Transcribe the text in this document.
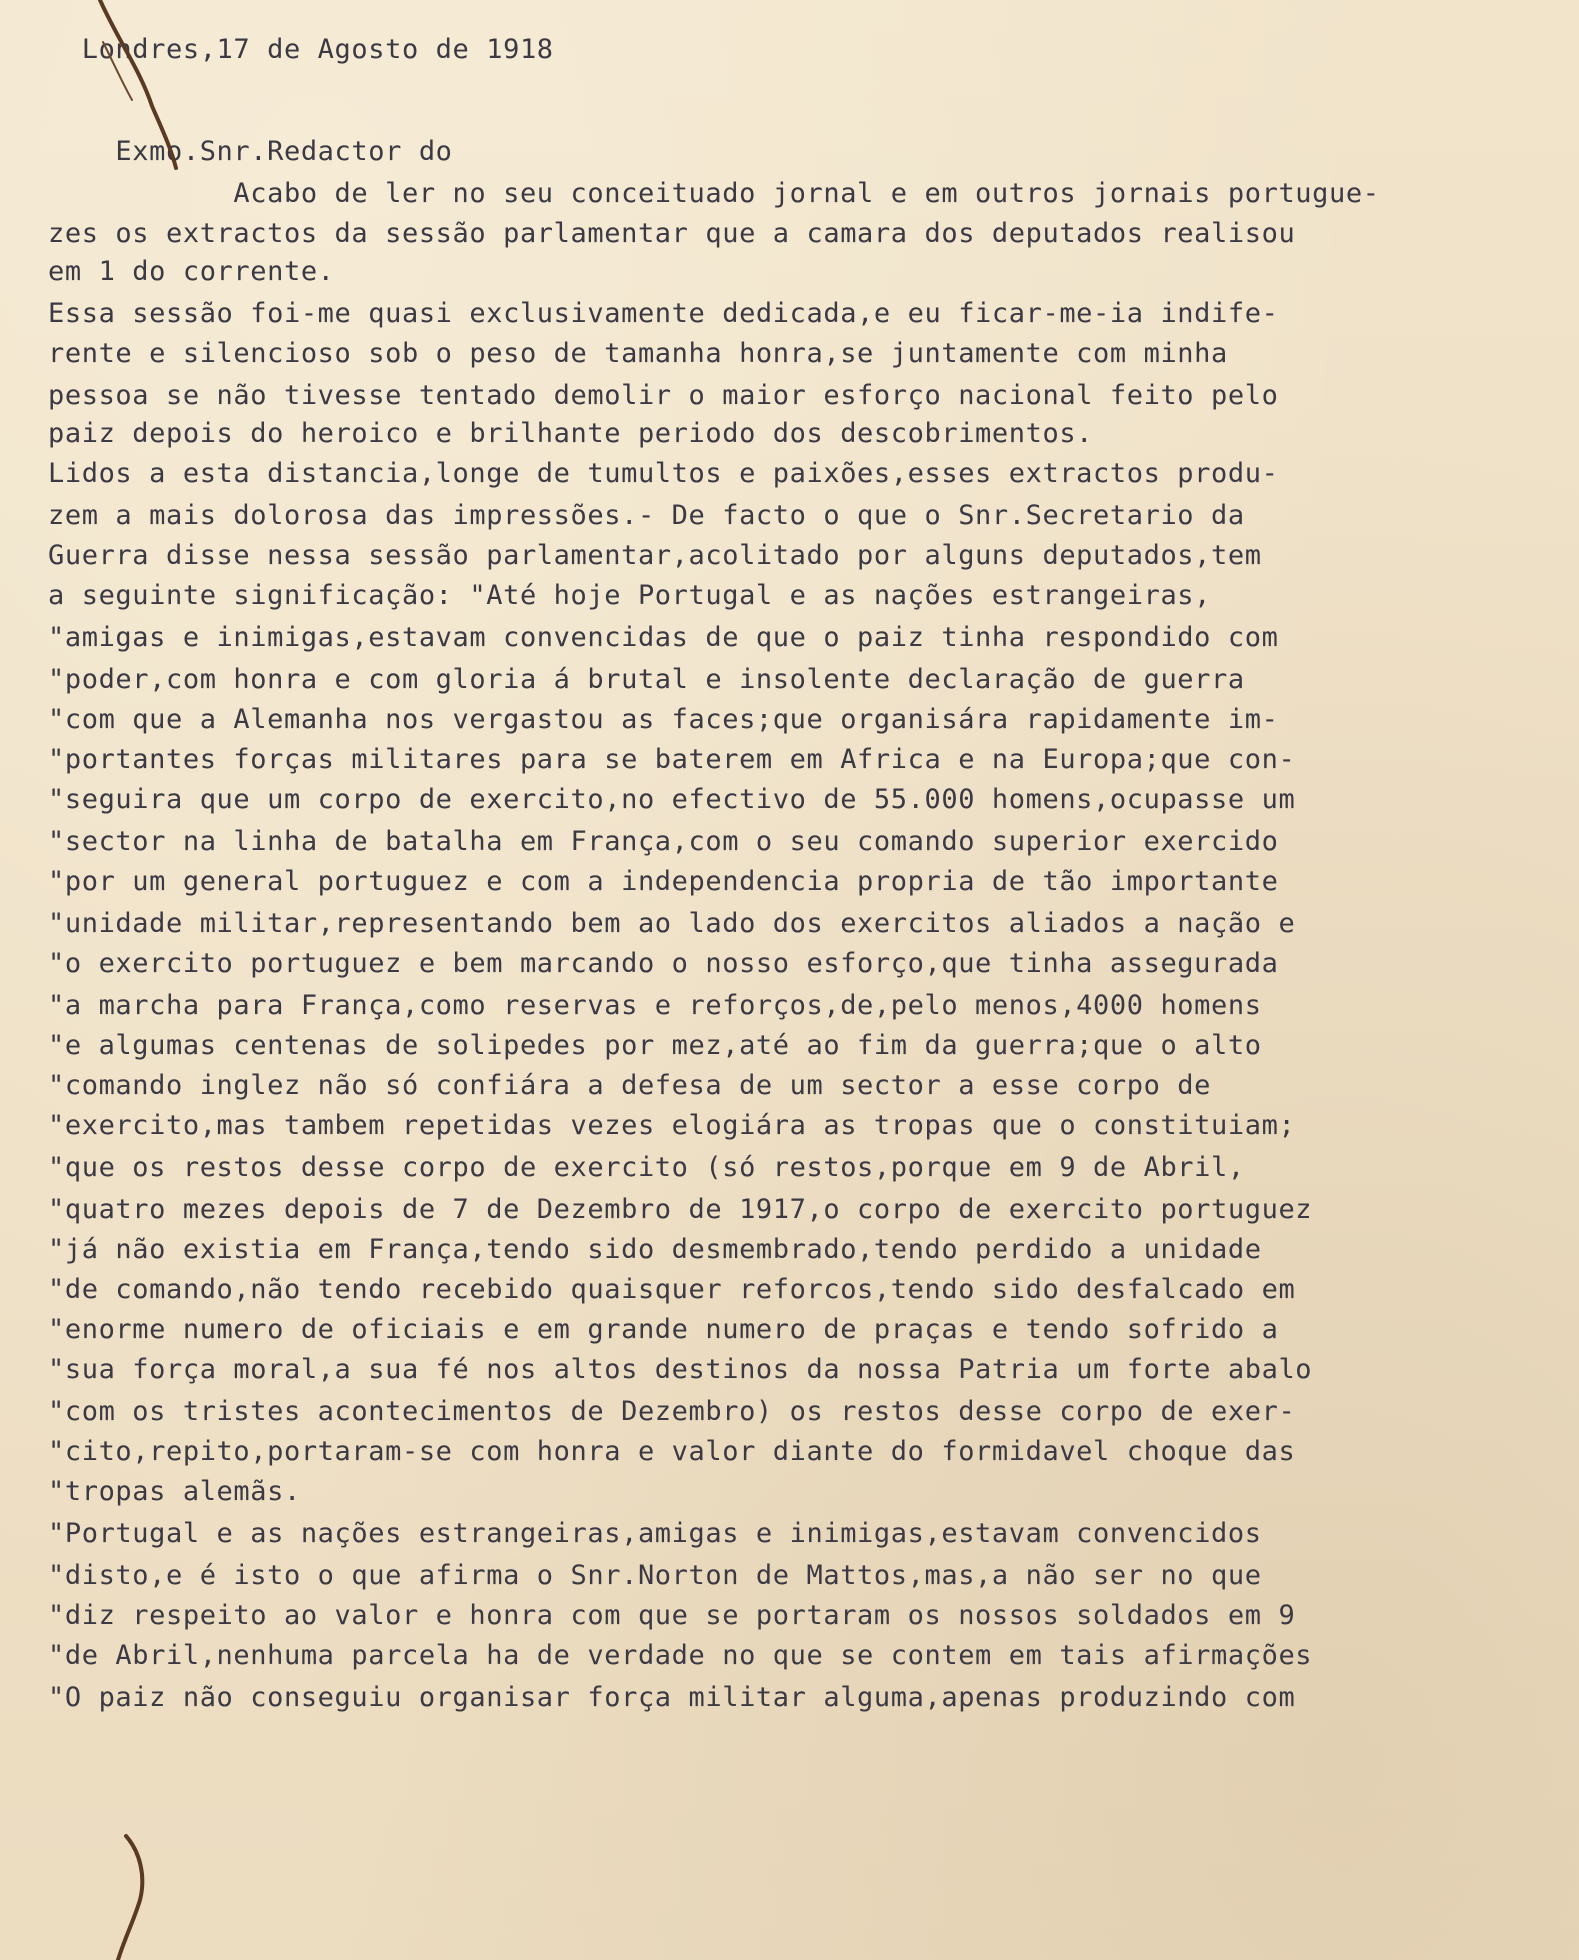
Londres,17 de Agosto de 1918
Exmo.Snr.Redactor do
Acabo de ler no seu conceituado jornal e em outros jornais portugue-
zes os extractos da sessão parlamentar que a camara dos deputados realisou
em 1 do corrente.
Essa sessão foi-me quasi exclusivamente dedicada,e eu ficar-me-ia indife-
rente e silencioso sob o peso de tamanha honra,se juntamente com minha
pessoa se não tivesse tentado demolir o maior esforço nacional feito pelo
paiz depois do heroico e brilhante periodo dos descobrimentos.
Lidos a esta distancia,longe de tumultos e paixões,esses extractos produ-
zem a mais dolorosa das impressões.- De facto o que o Snr.Secretario da
Guerra disse nessa sessão parlamentar,acolitado por alguns deputados,tem
a seguinte significação: "Até hoje Portugal e as nações estrangeiras,
"amigas e inimigas,estavam convencidas de que o paiz tinha respondido com
"poder,com honra e com gloria á brutal e insolente declaração de guerra
"com que a Alemanha nos vergastou as faces;que organisára rapidamente im-
"portantes forças militares para se baterem em Africa e na Europa;que con-
"seguira que um corpo de exercito,no efectivo de 55.000 homens,ocupasse um
"sector na linha de batalha em França,com o seu comando superior exercido
"por um general portuguez e com a independencia propria de tão importante
"unidade militar,representando bem ao lado dos exercitos aliados a nação e
"o exercito portuguez e bem marcando o nosso esforço,que tinha assegurada
"a marcha para França,como reservas e reforços,de,pelo menos,4000 homens
"e algumas centenas de solipedes por mez,até ao fim da guerra;que o alto
"comando inglez não só confiára a defesa de um sector a esse corpo de
"exercito,mas tambem repetidas vezes elogiára as tropas que o constituiam;
"que os restos desse corpo de exercito (só restos,porque em 9 de Abril,
"quatro mezes depois de 7 de Dezembro de 1917,o corpo de exercito portuguez
"já não existia em França,tendo sido desmembrado,tendo perdido a unidade
"de comando,não tendo recebido quaisquer reforcos,tendo sido desfalcado em
"enorme numero de oficiais e em grande numero de praças e tendo sofrido a
"sua força moral,a sua fé nos altos destinos da nossa Patria um forte abalo
"com os tristes acontecimentos de Dezembro) os restos desse corpo de exer-
"cito,repito,portaram-se com honra e valor diante do formidavel choque das
"tropas alemãs.
"Portugal e as nações estrangeiras,amigas e inimigas,estavam convencidos
"disto,e é isto o que afirma o Snr.Norton de Mattos,mas,a não ser no que
"diz respeito ao valor e honra com que se portaram os nossos soldados em 9
"de Abril,nenhuma parcela ha de verdade no que se contem em tais afirmações
"O paiz não conseguiu organisar força militar alguma,apenas produzindo com
